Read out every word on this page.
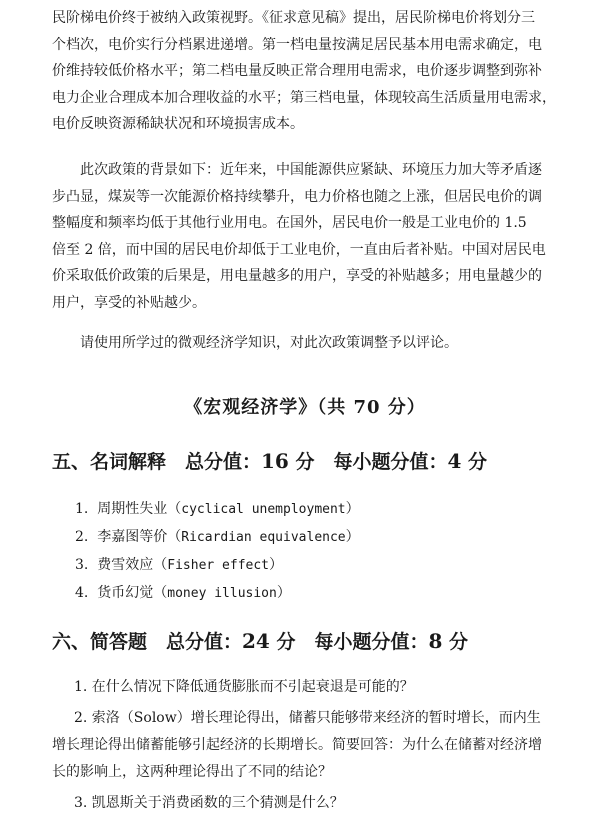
民阶梯电价终于被纳入政策视野。《征求意见稿》提出，居民阶梯电价将划分三
个档次，电价实行分档累进递增。第一档电量按满足居民基本用电需求确定，电
价维持较低价格水平；第二档电量反映正常合理用电需求，电价逐步调整到弥补
电力企业合理成本加合理收益的水平；第三档电量，体现较高生活质量用电需求，
电价反映资源稀缺状况和环境损害成本。
此次政策的背景如下：近年来，中国能源供应紧缺、环境压力加大等矛盾逐
步凸显，煤炭等一次能源价格持续攀升，电力价格也随之上涨，但居民电价的调
整幅度和频率均低于其他行业用电。在国外，居民电价一般是工业电价的 1.5
倍至 2 倍，而中国的居民电价却低于工业电价，一直由后者补贴。中国对居民电
价采取低价政策的后果是，用电量越多的用户，享受的补贴越多；用电量越少的
用户，享受的补贴越少。
请使用所学过的微观经济学知识，对此次政策调整予以评论。
《宏观经济学》（共 70 分）
五、名词解释　总分值：16 分　每小题分值：4 分
1. 周期性失业（cyclical unemployment）
2. 李嘉图等价（Ricardian equivalence）
3. 费雪效应（Fisher effect）
4. 货币幻觉（money illusion）
六、简答题　总分值：24 分　每小题分值：8 分
1. 在什么情况下降低通货膨胀而不引起衰退是可能的？
2. 索洛（Solow）增长理论得出，储蓄只能够带来经济的暂时增长，而内生
增长理论得出储蓄能够引起经济的长期增长。简要回答：为什么在储蓄对经济增
长的影响上，这两种理论得出了不同的结论？
3. 凯恩斯关于消费函数的三个猜测是什么？
